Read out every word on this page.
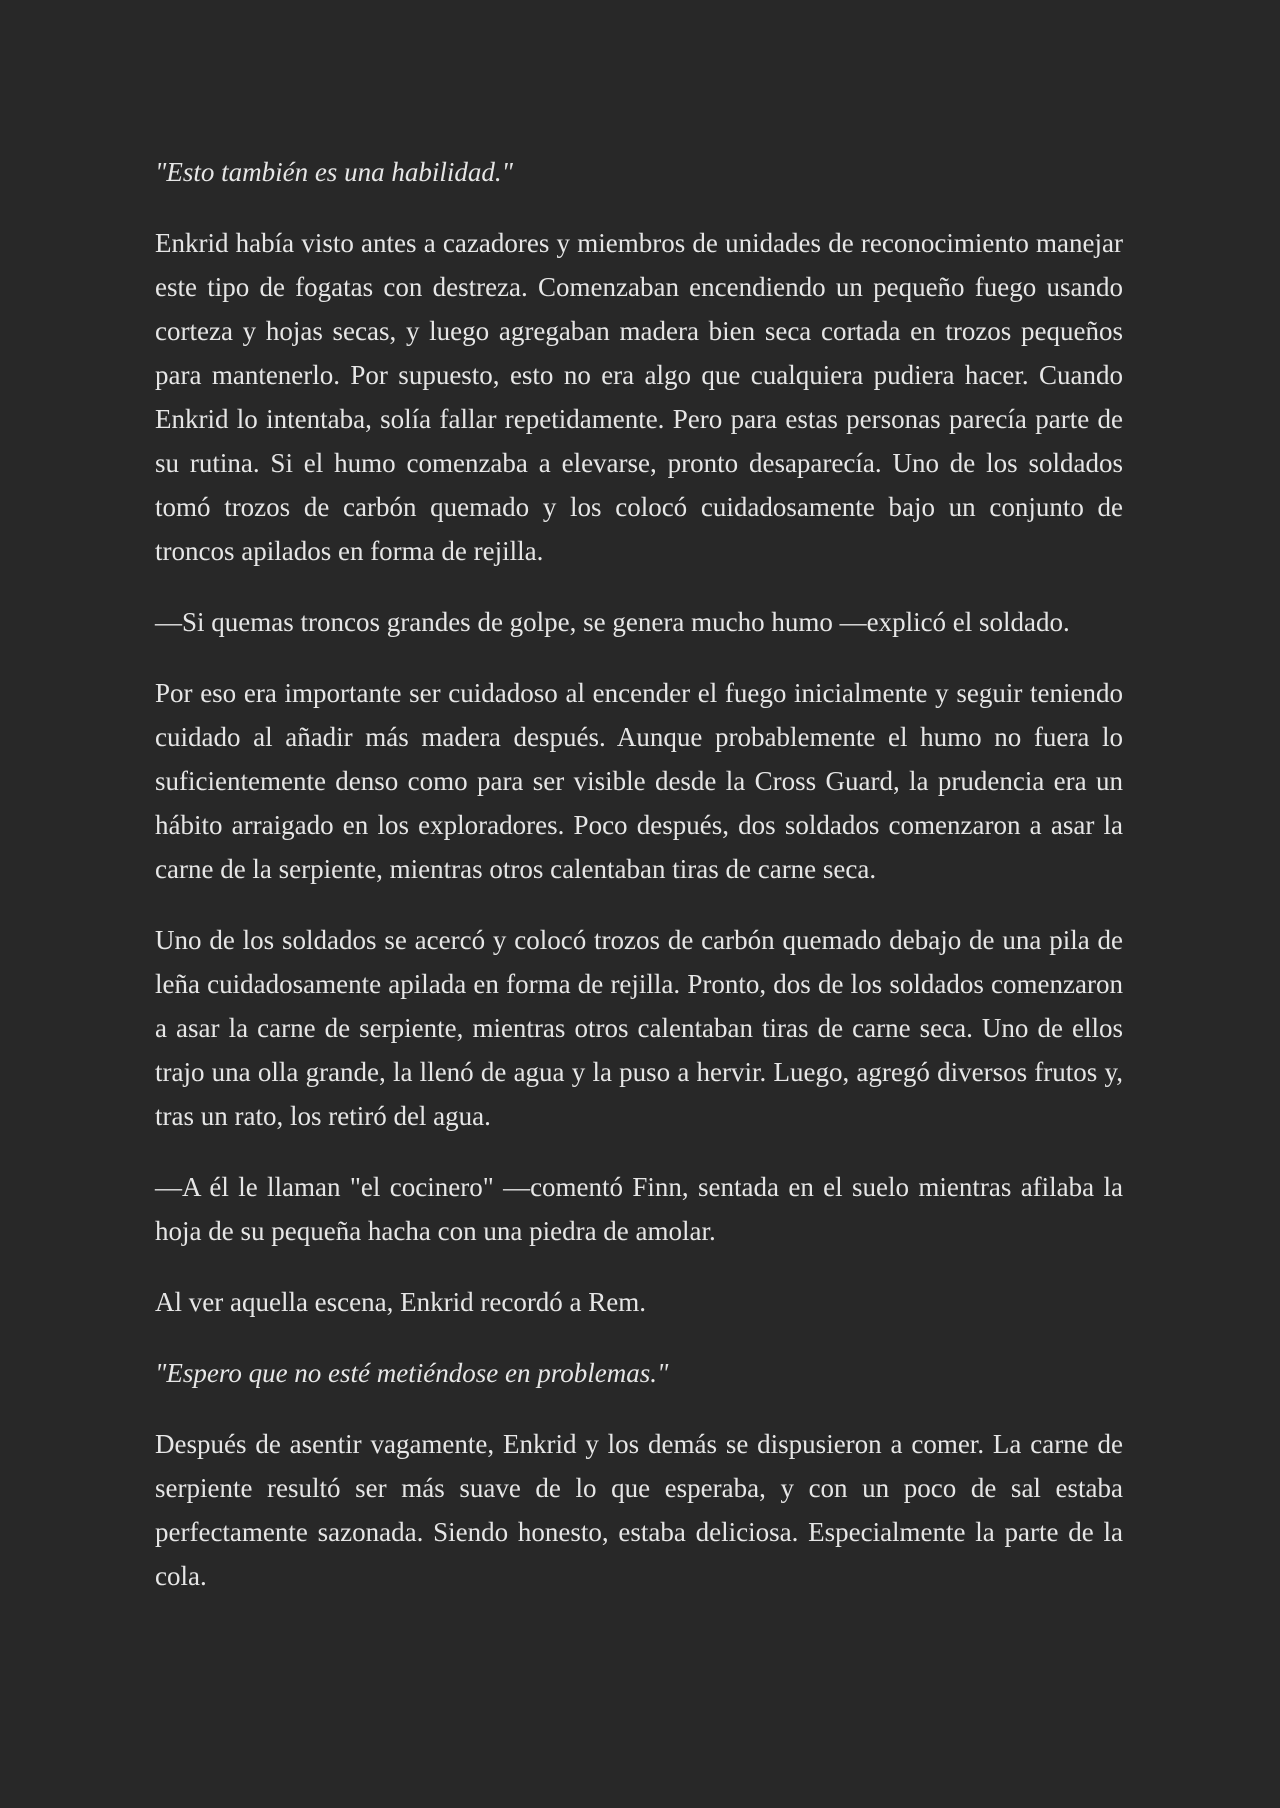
"Esto también es una habilidad."

Enkrid había visto antes a cazadores y miembros de unidades de reconocimiento manejar este tipo de fogatas con destreza. Comenzaban encendiendo un pequeño fuego usando corteza y hojas secas, y luego agregaban madera bien seca cortada en trozos pequeños para mantenerlo. Por supuesto, esto no era algo que cualquiera pudiera hacer. Cuando Enkrid lo intentaba, solía fallar repetidamente. Pero para estas personas parecía parte de su rutina. Si el humo comenzaba a elevarse, pronto desaparecía. Uno de los soldados tomó trozos de carbón quemado y los colocó cuidadosamente bajo un conjunto de troncos apilados en forma de rejilla.

—Si quemas troncos grandes de golpe, se genera mucho humo —explicó el soldado.

Por eso era importante ser cuidadoso al encender el fuego inicialmente y seguir teniendo cuidado al añadir más madera después. Aunque probablemente el humo no fuera lo suficientemente denso como para ser visible desde la Cross Guard, la prudencia era un hábito arraigado en los exploradores. Poco después, dos soldados comenzaron a asar la carne de la serpiente, mientras otros calentaban tiras de carne seca.

Uno de los soldados se acercó y colocó trozos de carbón quemado debajo de una pila de leña cuidadosamente apilada en forma de rejilla. Pronto, dos de los soldados comenzaron a asar la carne de serpiente, mientras otros calentaban tiras de carne seca. Uno de ellos trajo una olla grande, la llenó de agua y la puso a hervir. Luego, agregó diversos frutos y, tras un rato, los retiró del agua.

—A él le llaman "el cocinero" —comentó Finn, sentada en el suelo mientras afilaba la hoja de su pequeña hacha con una piedra de amolar.

Al ver aquella escena, Enkrid recordó a Rem.

"Espero que no esté metiéndose en problemas."

Después de asentir vagamente, Enkrid y los demás se dispusieron a comer. La carne de serpiente resultó ser más suave de lo que esperaba, y con un poco de sal estaba perfectamente sazonada. Siendo honesto, estaba deliciosa. Especialmente la parte de la cola.
